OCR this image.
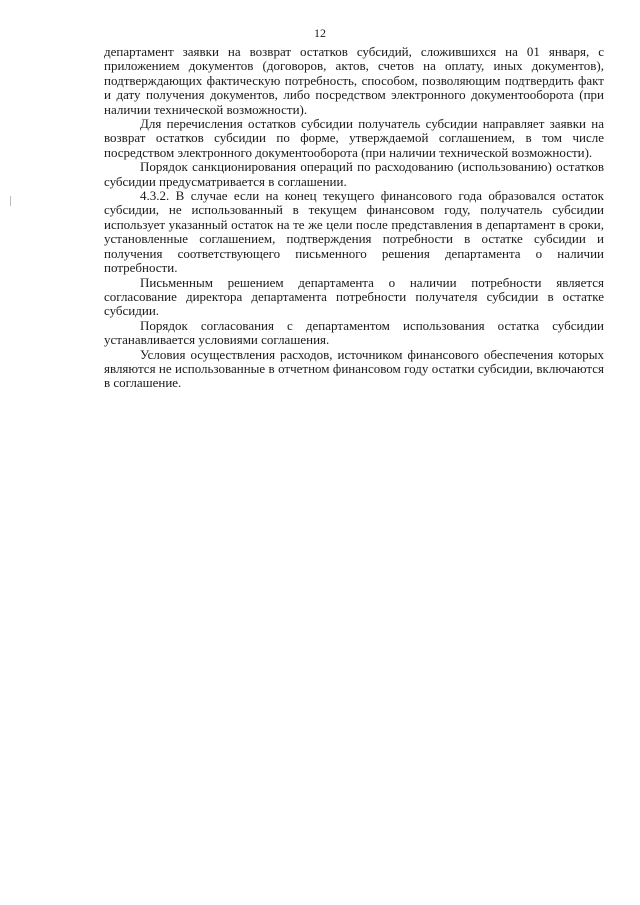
12

департамент заявки на возврат остатков субсидий, сложившихся на 01 января, с приложением документов (договоров, актов, счетов на оплату, иных документов), подтверждающих фактическую потребность, способом, позволяющим подтвердить факт и дату получения документов, либо посредством электронного документооборота (при наличии технической возможности).

Для перечисления остатков субсидии получатель субсидии направляет заявки на возврат остатков субсидии по форме, утверждаемой соглашением, в том числе посредством электронного документооборота (при наличии технической возможности).

Порядок санкционирования операций по расходованию (использованию) остатков субсидии предусматривается в соглашении.

4.3.2. В случае если на конец текущего финансового года образовался остаток субсидии, не использованный в текущем финансовом году, получатель субсидии использует указанный остаток на те же цели после представления в департамент в сроки, установленные соглашением, подтверждения потребности в остатке субсидии и получения соответствующего письменного решения департамента о наличии потребности.

Письменным решением департамента о наличии потребности является согласование директора департамента потребности получателя субсидии в остатке субсидии.

Порядок согласования с департаментом использования остатка субсидии устанавливается условиями соглашения.

Условия осуществления расходов, источником финансового обеспечения которых являются не использованные в отчетном финансовом году остатки субсидии, включаются в соглашение.
